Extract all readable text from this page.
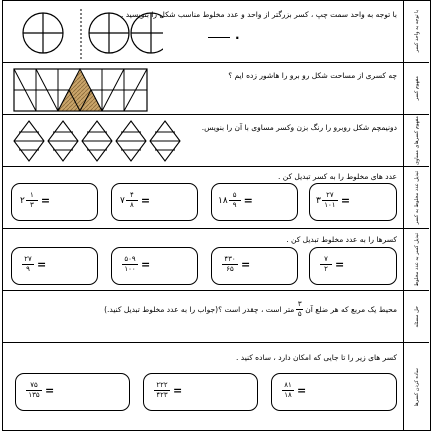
با توجه به واحد کسر
با توجه به واحد سمت چپ ، کسر بزرگتر از واحد و عدد مخلوط مناسب شکل را بنویسید .
.
مفهوم کسر
چه کسری از مساحت شکل رو برو را هاشور زده ایم ؟
مفهوم کسرهای مساوی
دونیمچم شکل روبرو را رنگ بزن وکسر مساوی با آن را بنویس.
تبدیل عدد مخلوط به کسر
عدد های مخلوط را به کسر تبدیل کن .
۲
۱
۳ =	۷
۴
۸ =	۱۸
۵
۹ =	۳
۲۷
۱۰۱ =
تبدیل کسر به عدد مخلوط
کسرها را به عدد مخلوط تبدیل کن .
۲۷
۹ =	۵۰۹
۱۰۰ =	۴۳۰
۶۵ =	۷
۲ =
حل مسئله
محیط یک مربع که هر ضلع آن
۳
۵
متر است ، چقدر است ؟(جواب را به عدد مخلوط تبدیل کنید.)
ساده کردن کسرها
کسر های زیر را تا جایی که امکان دارد ، ساده کنید .
۷۵
۱۳۵ =	۲۲۲
۴۲۳ =	۸۱
۱۸ =
